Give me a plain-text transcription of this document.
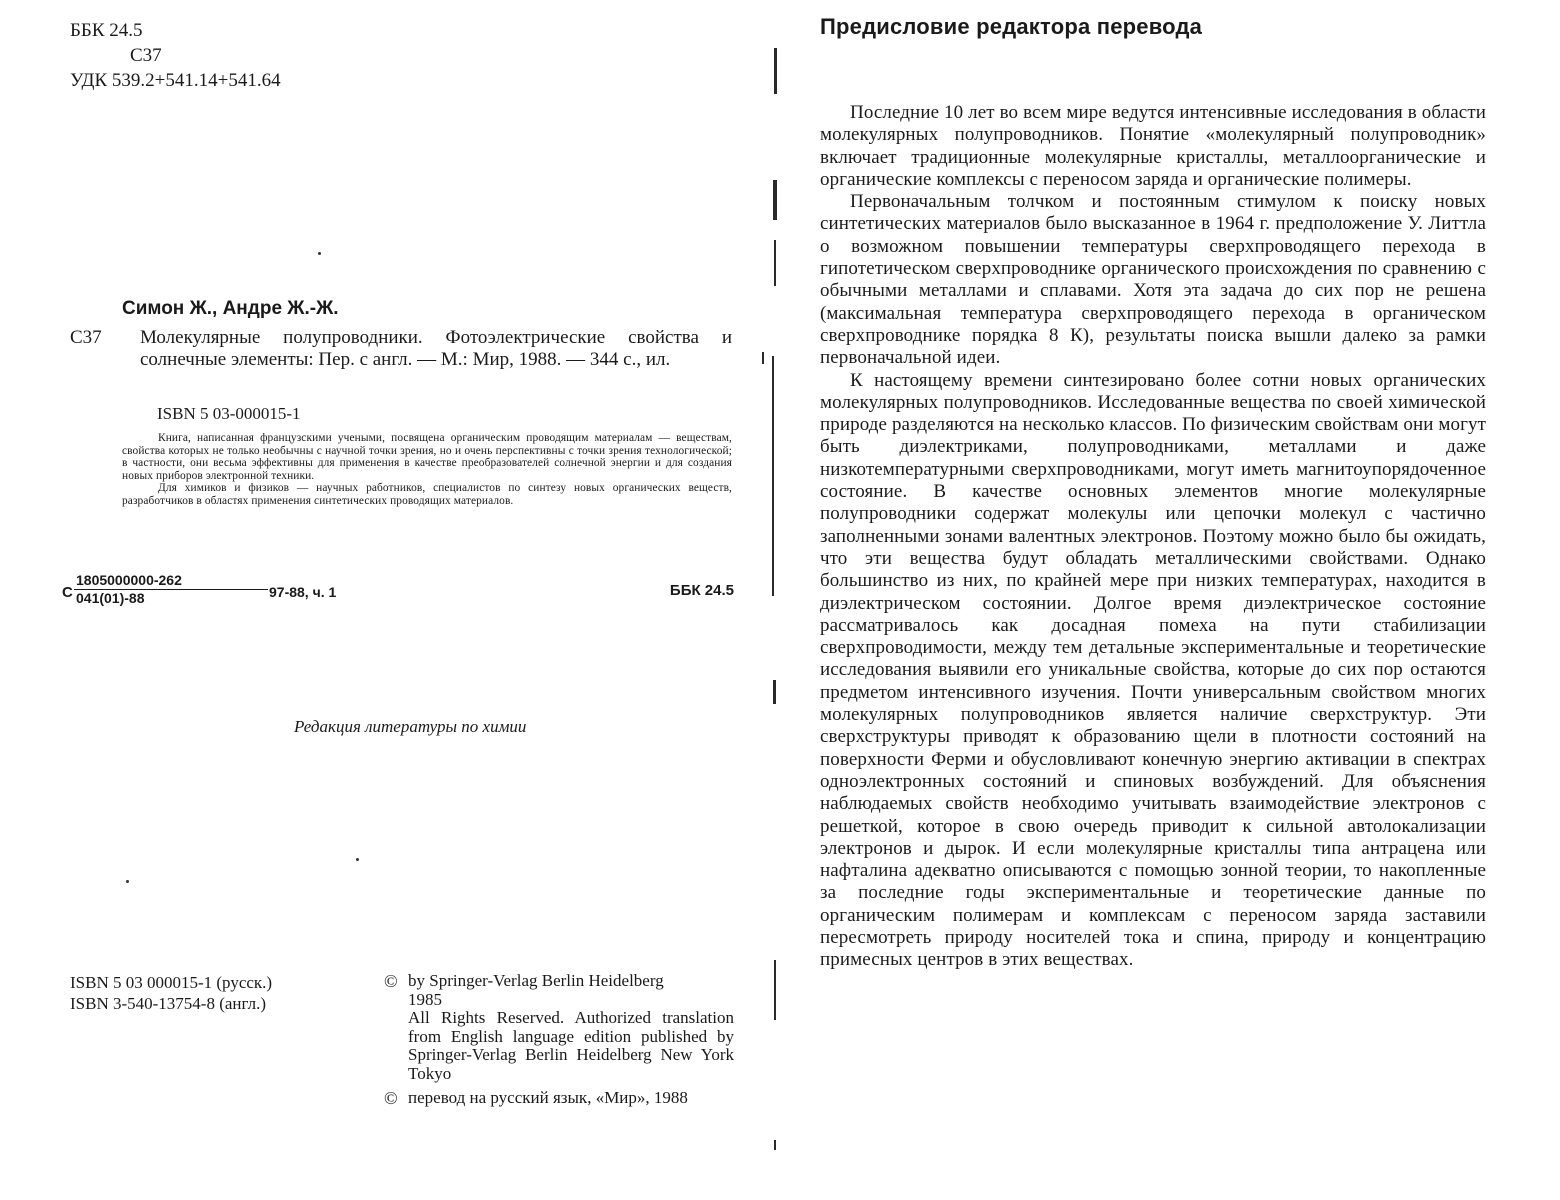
ББК 24.5
С37
УДК 539.2+541.14+541.64
Симон Ж., Андре Ж.-Ж.
С37 Молекулярные полупроводники. Фотоэлектрические свойства и солнечные элементы: Пер. с англ. — М.: Мир, 1988. — 344 с., ил.
ISBN 5 03-000015-1

Книга, написанная французскими учеными, посвящена органическим проводящим материалам — веществам, свойства которых не только необычны с научной точки зрения, но и очень перспективны с точки зрения технологической; в частности, они весьма эффективны для применения в качестве преобразователей солнечной энергии и для создания новых приборов электронной техники.

Для химиков и физиков — научных работников, специалистов по синтезу новых органических веществ, разработчиков в областях применения синтетических проводящих материалов.

С $\frac{1805000000-262}{041(01)-88} 97-88$, ч. 1	ББК 24.5
Редакция литературы по химии
ISBN 5 03 000015-1 (русск.)
ISBN 3-540-13754-8 (англ.)
© by Springer-Verlag Berlin Heidelberg
1985
All Rights Reserved. Authorized translation from English language edition published by Springer-Verlag Berlin Heidelberg New York Tokyo
© перевод на русский язык, «Мир», 1988
Предисловие редактора перевода

Последние 10 лет во всем мире ведутся интенсивные исследования в области молекулярных полупроводников. Понятие «молекулярный полупроводник» включает традиционные молекулярные кристаллы, металлоорганические и органические комплексы с переносом заряда и органические полимеры.

Первоначальным толчком и постоянным стимулом к поиску новых синтетических материалов было высказанное в 1964 г. предположение У. Литтла о возможном повышении температуры сверхпроводящего перехода в гипотетическом сверхпроводнике органического происхождения по сравнению с обычными металлами и сплавами. Хотя эта задача до сих пор не решена (максимальная температура сверхпроводящего перехода в органическом сверхпроводнике порядка 8 К), результаты поиска вышли далеко за рамки первоначальной идеи.

К настоящему времени синтезировано более сотни новых органических молекулярных полупроводников. Исследованные вещества по своей химической природе разделяются на несколько классов. По физическим свойствам они могут быть диэлектриками, полупроводниками, металлами и даже низкотемпературными сверхпроводниками, могут иметь магнитоупорядоченное состояние. В качестве основных элементов многие молекулярные полупроводники содержат молекулы или цепочки молекул с частично заполненными зонами валентных электронов. Поэтому можно было бы ожидать, что эти вещества будут обладать металлическими свойствами. Однако большинство из них, по крайней мере при низких температурах, находится в диэлектрическом состоянии. Долгое время диэлектрическое состояние рассматривалось как досадная помеха на пути стабилизации сверхпроводимости, между тем детальные экспериментальные и теоретические исследования выявили его уникальные свойства, которые до сих пор остаются предметом интенсивного изучения. Почти универсальным свойством многих молекулярных полупроводников является наличие сверхструктур. Эти сверхструктуры приводят к образованию щели в плотности состояний на поверхности Ферми и обусловливают конечную энергию активации в спектрах одноэлектронных состояний и спиновых возбуждений. Для объяснения наблюдаемых свойств необходимо учитывать взаимодействие электронов с решеткой, которое в свою очередь приводит к сильной автолокализации электронов и дырок. И если молекулярные кристаллы типа антрацена или нафталина адекватно описываются с помощью зонной теории, то накопленные за последние годы экспериментальные и теоретические данные по органическим полимерам и комплексам с переносом заряда заставили пересмотреть природу носителей тока и спина, природу и концентрацию примесных центров в этих веществах.
